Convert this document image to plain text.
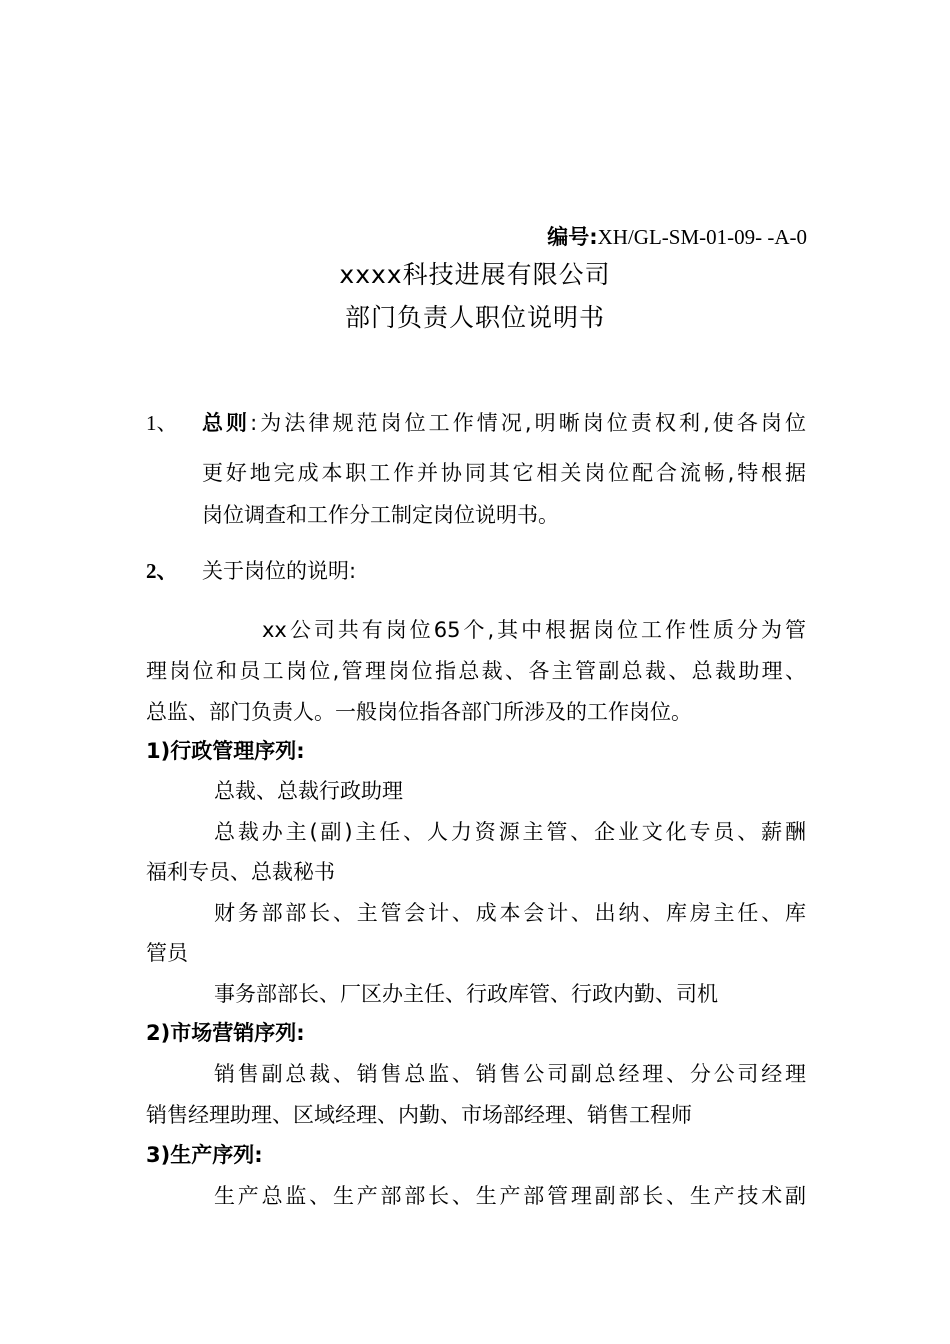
编号:XH/GL-SM-01-09- -A-0
xxxx科技进展有限公司
部门负责人职位说明书
1、 总则:为法律规范岗位工作情况,明晰岗位责权利,使各岗位
更好地完成本职工作并协同其它相关岗位配合流畅,特根据
岗位调查和工作分工制定岗位说明书。
2、 关于岗位的说明:
xx公司共有岗位65个,其中根据岗位工作性质分为管
理岗位和员工岗位,管理岗位指总裁、各主管副总裁、总裁助理、
总监、部门负责人。一般岗位指各部门所涉及的工作岗位。
1)行政管理序列:
总裁、总裁行政助理
总裁办主(副)主任、人力资源主管、企业文化专员、薪酬
福利专员、总裁秘书
财务部部长、主管会计、成本会计、出纳、库房主任、库
管员
事务部部长、厂区办主任、行政库管、行政内勤、司机
2)市场营销序列:
销售副总裁、销售总监、销售公司副总经理、分公司经理
销售经理助理、区域经理、内勤、市场部经理、销售工程师
3)生产序列:
生产总监、生产部部长、生产部管理副部长、生产技术副
